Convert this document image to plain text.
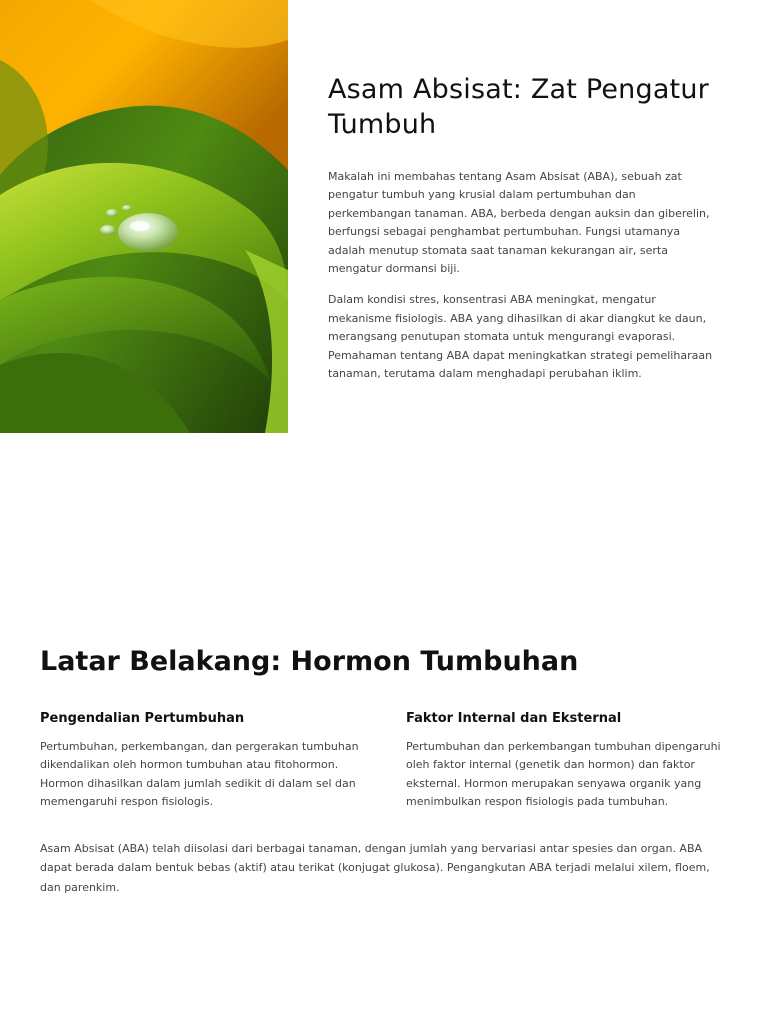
Asam Absisat: Zat Pengatur Tumbuh

Makalah ini membahas tentang Asam Absisat (ABA), sebuah zat pengatur tumbuh yang krusial dalam pertumbuhan dan perkembangan tanaman. ABA, berbeda dengan auksin dan giberelin, berfungsi sebagai penghambat pertumbuhan. Fungsi utamanya adalah menutup stomata saat tanaman kekurangan air, serta mengatur dormansi biji.

Dalam kondisi stres, konsentrasi ABA meningkat, mengatur mekanisme fisiologis. ABA yang dihasilkan di akar diangkut ke daun, merangsang penutupan stomata untuk mengurangi evaporasi. Pemahaman tentang ABA dapat meningkatkan strategi pemeliharaan tanaman, terutama dalam menghadapi perubahan iklim.

Latar Belakang: Hormon Tumbuhan
Pengendalian Pertumbuhan

Pertumbuhan, perkembangan, dan pergerakan tumbuhan dikendalikan oleh hormon tumbuhan atau fitohormon. Hormon dihasilkan dalam jumlah sedikit di dalam sel dan memengaruhi respon fisiologis.

Faktor Internal dan Eksternal

Pertumbuhan dan perkembangan tumbuhan dipengaruhi oleh faktor internal (genetik dan hormon) dan faktor eksternal. Hormon merupakan senyawa organik yang menimbulkan respon fisiologis pada tumbuhan.

Asam Absisat (ABA) telah diisolasi dari berbagai tanaman, dengan jumlah yang bervariasi antar spesies dan organ. ABA dapat berada dalam bentuk bebas (aktif) atau terikat (konjugat glukosa). Pengangkutan ABA terjadi melalui xilem, floem, dan parenkim.
